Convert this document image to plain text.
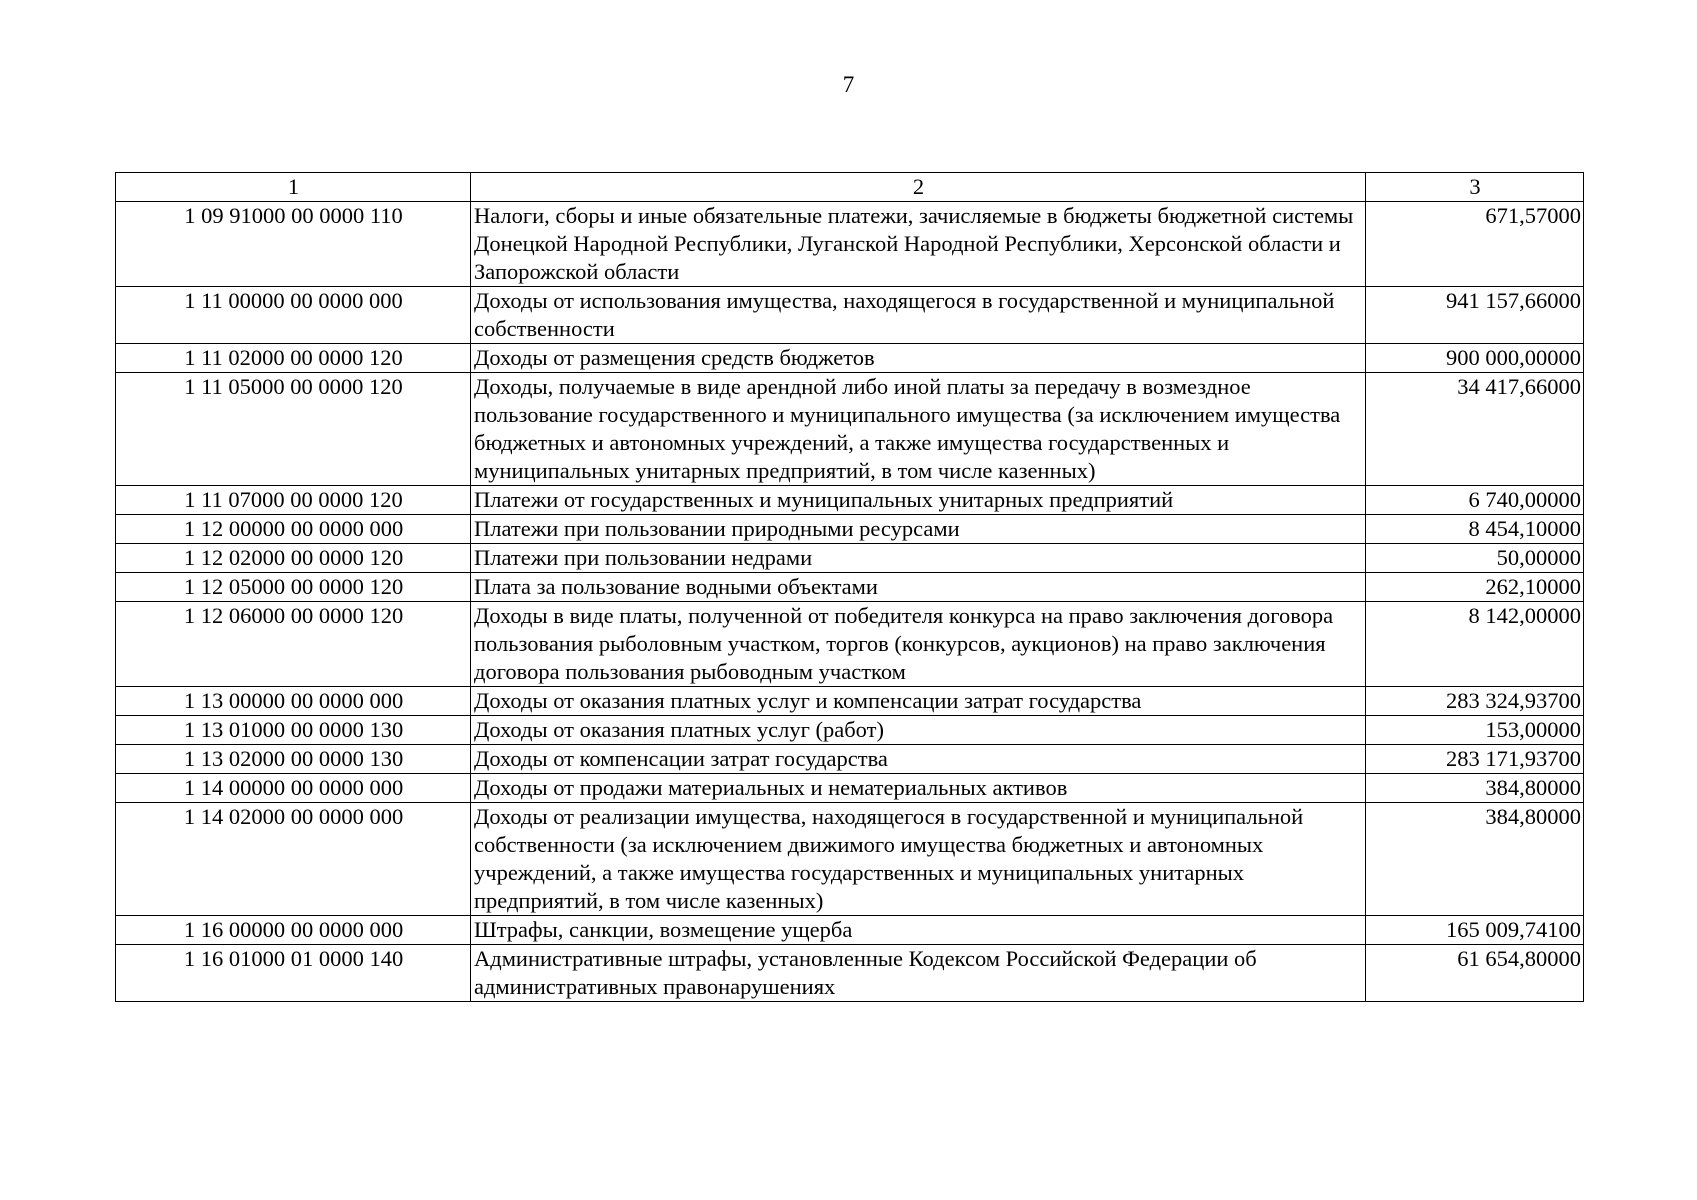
7
1	2	3
1 09 91000 00 0000 110	Налоги, сборы и иные обязательные платежи, зачисляемые в бюджеты бюджетной системы Донецкой Народной Республики, Луганской Народной Республики, Херсонской области и Запорожской области	671,57000
1 11 00000 00 0000 000	Доходы от использования имущества, находящегося в государственной и муниципальной собственности	941 157,66000
1 11 02000 00 0000 120	Доходы от размещения средств бюджетов	900 000,00000
1 11 05000 00 0000 120	Доходы, получаемые в виде арендной либо иной платы за передачу в возмездное пользование государственного и муниципального имущества (за исключением имущества бюджетных и автономных учреждений, а также имущества государственных и муниципальных унитарных предприятий, в том числе казенных)	34 417,66000
1 11 07000 00 0000 120	Платежи от государственных и муниципальных унитарных предприятий	6 740,00000
1 12 00000 00 0000 000	Платежи при пользовании природными ресурсами	8 454,10000
1 12 02000 00 0000 120	Платежи при пользовании недрами	50,00000
1 12 05000 00 0000 120	Плата за пользование водными объектами	262,10000
1 12 06000 00 0000 120	Доходы в виде платы, полученной от победителя конкурса на право заключения договора пользования рыболовным участком, торгов (конкурсов, аукционов) на право заключения договора пользования рыбоводным участком	8 142,00000
1 13 00000 00 0000 000	Доходы от оказания платных услуг и компенсации затрат государства	283 324,93700
1 13 01000 00 0000 130	Доходы от оказания платных услуг (работ)	153,00000
1 13 02000 00 0000 130	Доходы от компенсации затрат государства	283 171,93700
1 14 00000 00 0000 000	Доходы от продажи материальных и нематериальных активов	384,80000
1 14 02000 00 0000 000	Доходы от реализации имущества, находящегося в государственной и муниципальной собственности (за исключением движимого имущества бюджетных и автономных учреждений, а также имущества государственных и муниципальных унитарных предприятий, в том числе казенных)	384,80000
1 16 00000 00 0000 000	Штрафы, санкции, возмещение ущерба	165 009,74100
1 16 01000 01 0000 140	Административные штрафы, установленные Кодексом Российской Федерации об административных правонарушениях	61 654,80000
